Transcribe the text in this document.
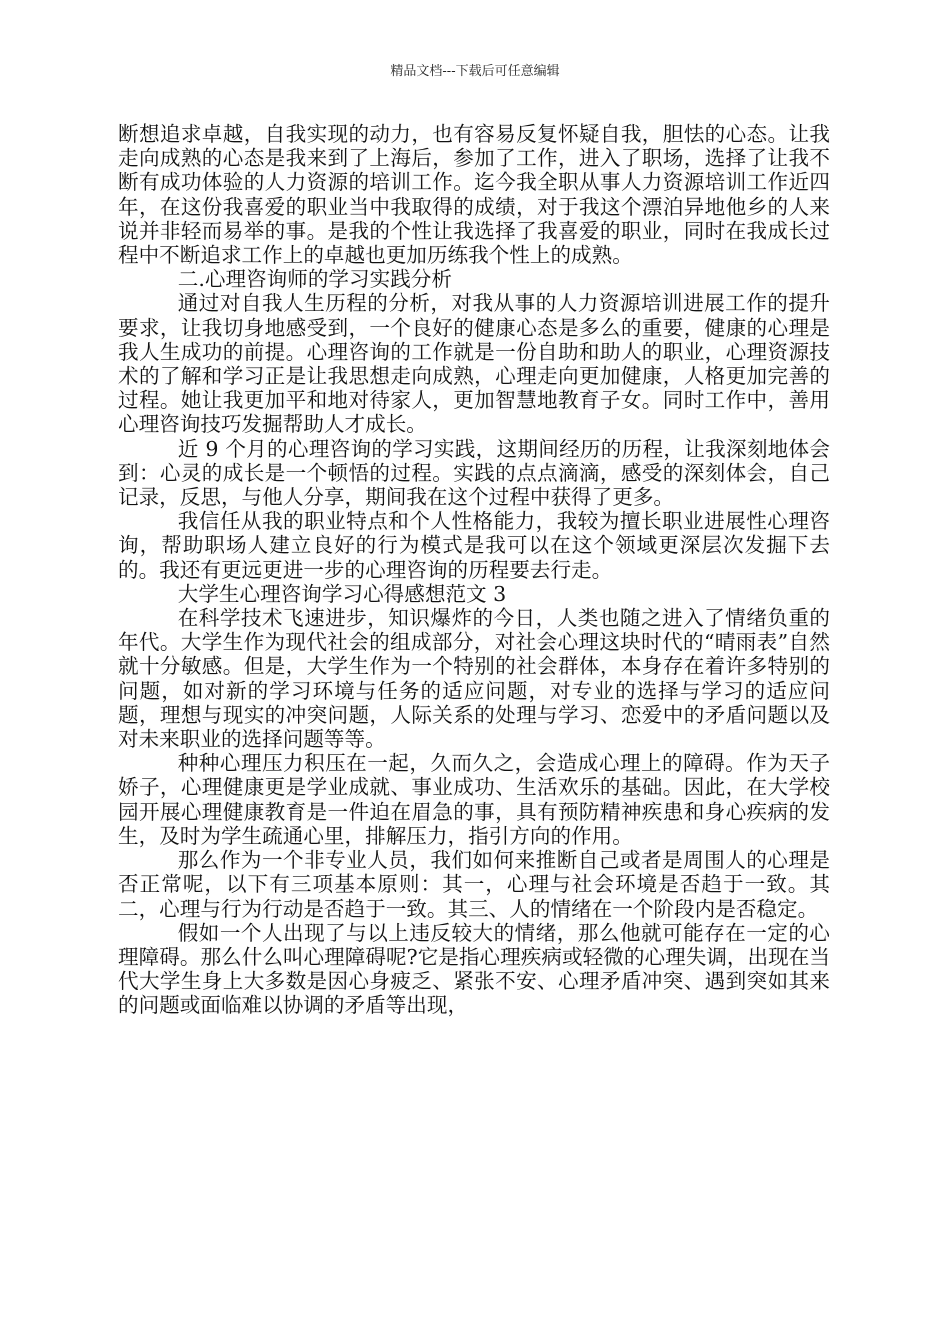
精品文档---下载后可任意编辑

断想追求卓越，自我实现的动力，也有容易反复怀疑自我，胆怯的心态。让我走向成熟的心态是我来到了上海后，参加了工作，进入了职场，选择了让我不断有成功体验的人力资源的培训工作。迄今我全职从事人力资源培训工作近四年，在这份我喜爱的职业当中我取得的成绩，对于我这个漂泊异地他乡的人来说并非轻而易举的事。是我的个性让我选择了我喜爱的职业，同时在我成长过程中不断追求工作上的卓越也更加历练我个性上的成熟。

二.心理咨询师的学习实践分析

通过对自我人生历程的分析，对我从事的人力资源培训进展工作的提升要求，让我切身地感受到，一个良好的健康心态是多么的重要，健康的心理是我人生成功的前提。心理咨询的工作就是一份自助和助人的职业，心理资源技术的了解和学习正是让我思想走向成熟，心理走向更加健康，人格更加完善的过程。她让我更加平和地对待家人，更加智慧地教育子女。同时工作中，善用心理咨询技巧发掘帮助人才成长。

近 9 个月的心理咨询的学习实践，这期间经历的历程，让我深刻地体会到：心灵的成长是一个顿悟的过程。实践的点点滴滴，感受的深刻体会，自己记录，反思，与他人分享，期间我在这个过程中获得了更多。

我信任从我的职业特点和个人性格能力，我较为擅长职业进展性心理咨询，帮助职场人建立良好的行为模式是我可以在这个领域更深层次发掘下去的。我还有更远更进一步的心理咨询的历程要去行走。

大学生心理咨询学习心得感想范文 3

在科学技术飞速进步，知识爆炸的今日，人类也随之进入了情绪负重的年代。大学生作为现代社会的组成部分，对社会心理这块时代的“晴雨表”自然就十分敏感。但是，大学生作为一个特别的社会群体，本身存在着许多特别的问题，如对新的学习环境与任务的适应问题，对专业的选择与学习的适应问题，理想与现实的冲突问题，人际关系的处理与学习、恋爱中的矛盾问题以及对未来职业的选择问题等等。

种种心理压力积压在一起，久而久之，会造成心理上的障碍。作为天子娇子，心理健康更是学业成就、事业成功、生活欢乐的基础。因此，在大学校园开展心理健康教育是一件迫在眉急的事，具有预防精神疾患和身心疾病的发生，及时为学生疏通心里，排解压力，指引方向的作用。

那么作为一个非专业人员，我们如何来推断自己或者是周围人的心理是否正常呢，以下有三项基本原则：其一，心理与社会环境是否趋于一致。其二，心理与行为行动是否趋于一致。其三、人的情绪在一个阶段内是否稳定。

假如一个人出现了与以上违反较大的情绪，那么他就可能存在一定的心理障碍。那么什么叫心理障碍呢?它是指心理疾病或轻微的心理失调，出现在当代大学生身上大多数是因心身疲乏、紧张不安、心理矛盾冲突、遇到突如其来的问题或面临难以协调的矛盾等出现，
